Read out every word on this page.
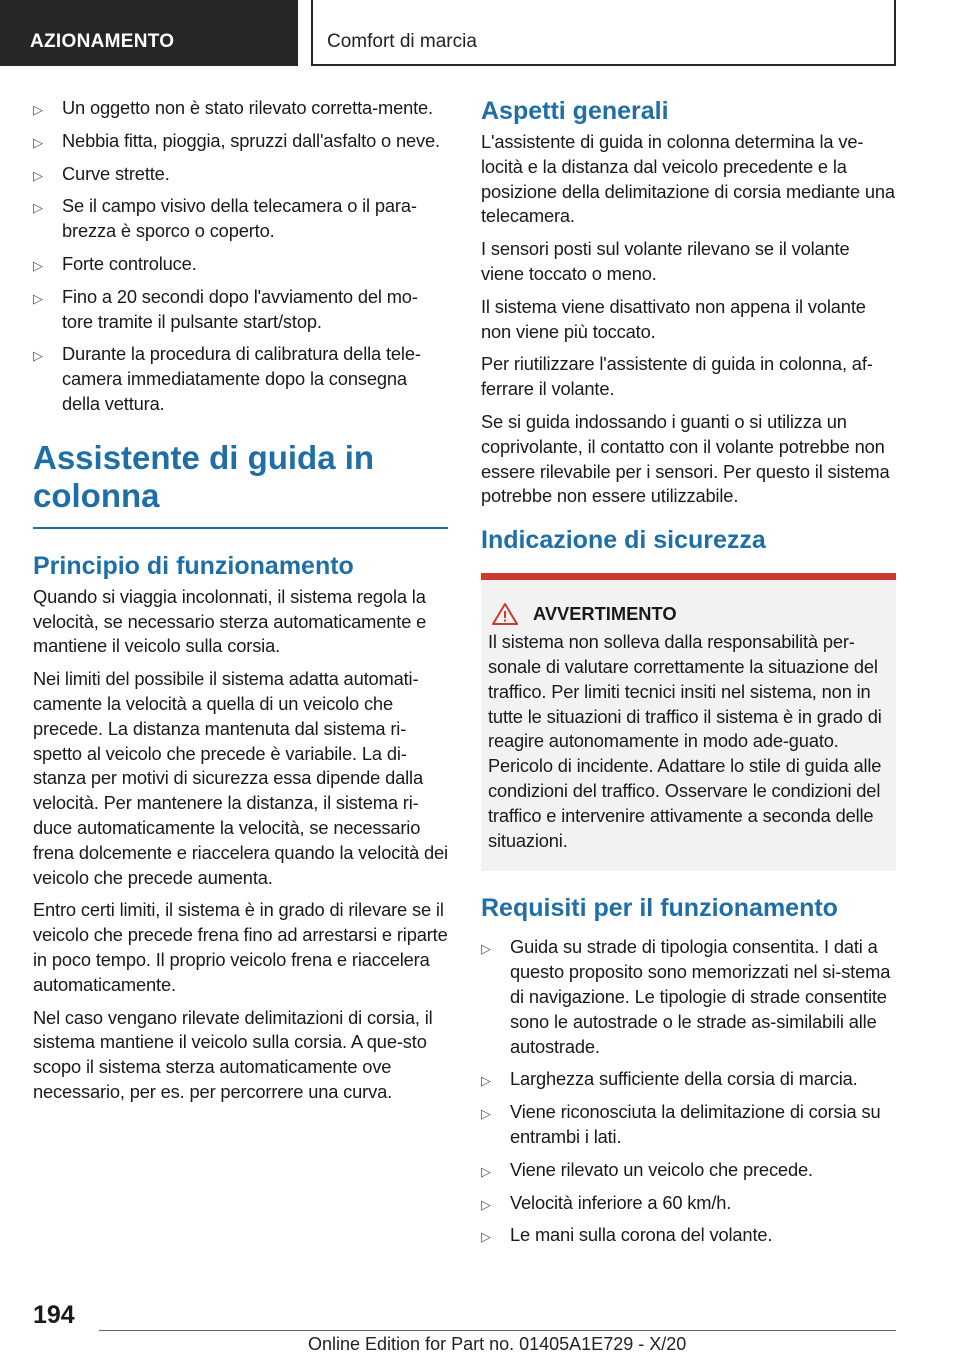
AZIONAMENTO	Comfort di marcia
▷ Un oggetto non è stato rilevato corretta-mente.
▷ Nebbia fitta, pioggia, spruzzi dall'asfalto o neve.
▷ Curve strette.
▷ Se il campo visivo della telecamera o il para-brezza è sporco o coperto.
▷ Forte controluce.
▷ Fino a 20 secondi dopo l'avviamento del mo-tore tramite il pulsante start/stop.
▷ Durante la procedura di calibratura della tele-camera immediatamente dopo la consegna della vettura.
Assistente di guida in colonna
Principio di funzionamento

Quando si viaggia incolonnati, il sistema regola la velocità, se necessario sterza automaticamente e mantiene il veicolo sulla corsia.

Nei limiti del possibile il sistema adatta automati-camente la velocità a quella di un veicolo che precede. La distanza mantenuta dal sistema ri-spetto al veicolo che precede è variabile. La di-stanza per motivi di sicurezza essa dipende dalla velocità. Per mantenere la distanza, il sistema ri-duce automaticamente la velocità, se necessario frena dolcemente e riaccelera quando la velocità dei veicolo che precede aumenta.

Entro certi limiti, il sistema è in grado di rilevare se il veicolo che precede frena fino ad arrestarsi e riparte in poco tempo. Il proprio veicolo frena e riaccelera automaticamente.

Nel caso vengano rilevate delimitazioni di corsia, il sistema mantiene il veicolo sulla corsia. A que-sto scopo il sistema sterza automaticamente ove necessario, per es. per percorrere una curva.

Aspetti generali

L'assistente di guida in colonna determina la ve-locità e la distanza dal veicolo precedente e la posizione della delimitazione di corsia mediante una telecamera.

I sensori posti sul volante rilevano se il volante viene toccato o meno.

Il sistema viene disattivato non appena il volante non viene più toccato.

Per riutilizzare l'assistente di guida in colonna, af-ferrare il volante.

Se si guida indossando i guanti o si utilizza un coprivolante, il contatto con il volante potrebbe non essere rilevabile per i sensori. Per questo il sistema potrebbe non essere utilizzabile.

Indicazione di sicurezza
AVVERTIMENTO
Il sistema non solleva dalla responsabilità per-sonale di valutare correttamente la situazione del traffico. Per limiti tecnici insiti nel sistema, non in tutte le situazioni di traffico il sistema è in grado di reagire autonomamente in modo ade-guato. Pericolo di incidente. Adattare lo stile di guida alle condizioni del traffico. Osservare le condizioni del traffico e intervenire attivamente a seconda delle situazioni.
Requisiti per il funzionamento
▷ Guida su strade di tipologia consentita. I dati a questo proposito sono memorizzati nel si-stema di navigazione. Le tipologie di strade consentite sono le autostrade o le strade as-similabili alle autostrade.
▷ Larghezza sufficiente della corsia di marcia.
▷ Viene riconosciuta la delimitazione di corsia su entrambi i lati.
▷ Viene rilevato un veicolo che precede.
▷ Velocità inferiore a 60 km/h.
▷ Le mani sulla corona del volante.
194
Online Edition for Part no. 01405A1E729 - X/20
